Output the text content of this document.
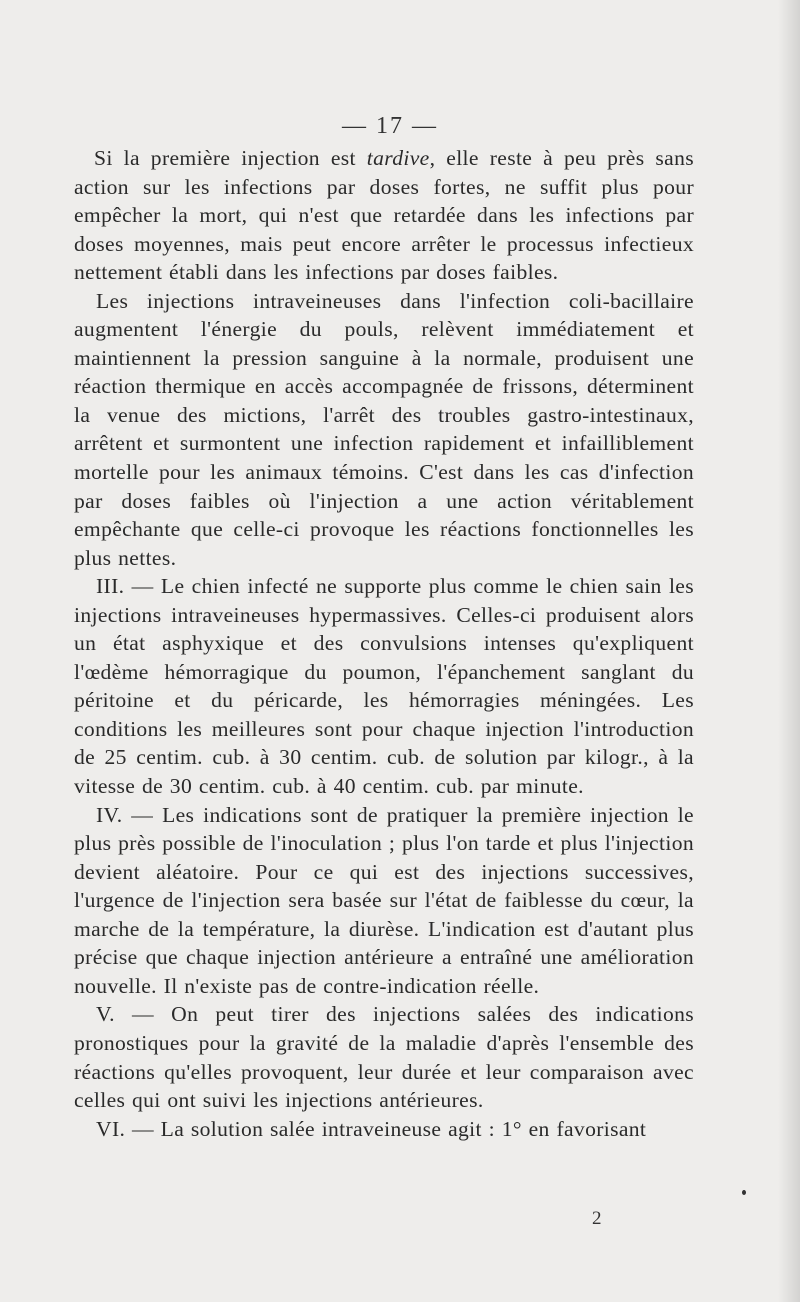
— 17 —

Si la première injection est tardive, elle reste à peu près sans action sur les infections par doses fortes, ne suffit plus pour empêcher la mort, qui n'est que retardée dans les infections par doses moyennes, mais peut encore arrêter le processus infectieux nettement établi dans les infections par doses faibles.

Les injections intraveineuses dans l'infection coli-bacillaire augmentent l'énergie du pouls, relèvent immédiatement et maintiennent la pression sanguine à la normale, produisent une réaction thermique en accès accompagnée de frissons, déterminent la venue des mictions, l'arrêt des troubles gastro-intestinaux, arrêtent et surmontent une infection rapidement et infailliblement mortelle pour les animaux témoins. C'est dans les cas d'infection par doses faibles où l'injection a une action véritablement empêchante que celle-ci provoque les réactions fonctionnelles les plus nettes.

III. — Le chien infecté ne supporte plus comme le chien sain les injections intraveineuses hypermassives. Celles-ci produisent alors un état asphyxique et des convulsions intenses qu'expliquent l'œdème hémorragique du poumon, l'épanchement sanglant du péritoine et du péricarde, les hémorragies méningées. Les conditions les meilleures sont pour chaque injection l'introduction de 25 centim. cub. à 30 centim. cub. de solution par kilogr., à la vitesse de 30 centim. cub. à 40 centim. cub. par minute.

IV. — Les indications sont de pratiquer la première injection le plus près possible de l'inoculation ; plus l'on tarde et plus l'injection devient aléatoire. Pour ce qui est des injections successives, l'urgence de l'injection sera basée sur l'état de faiblesse du cœur, la marche de la température, la diurèse. L'indication est d'autant plus précise que chaque injection antérieure a entraîné une amélioration nouvelle. Il n'existe pas de contre-indication réelle.

V. — On peut tirer des injections salées des indications pronostiques pour la gravité de la maladie d'après l'ensemble des réactions qu'elles provoquent, leur durée et leur comparaison avec celles qui ont suivi les injections antérieures.

VI. — La solution salée intraveineuse agit : 1° en favorisant

2
